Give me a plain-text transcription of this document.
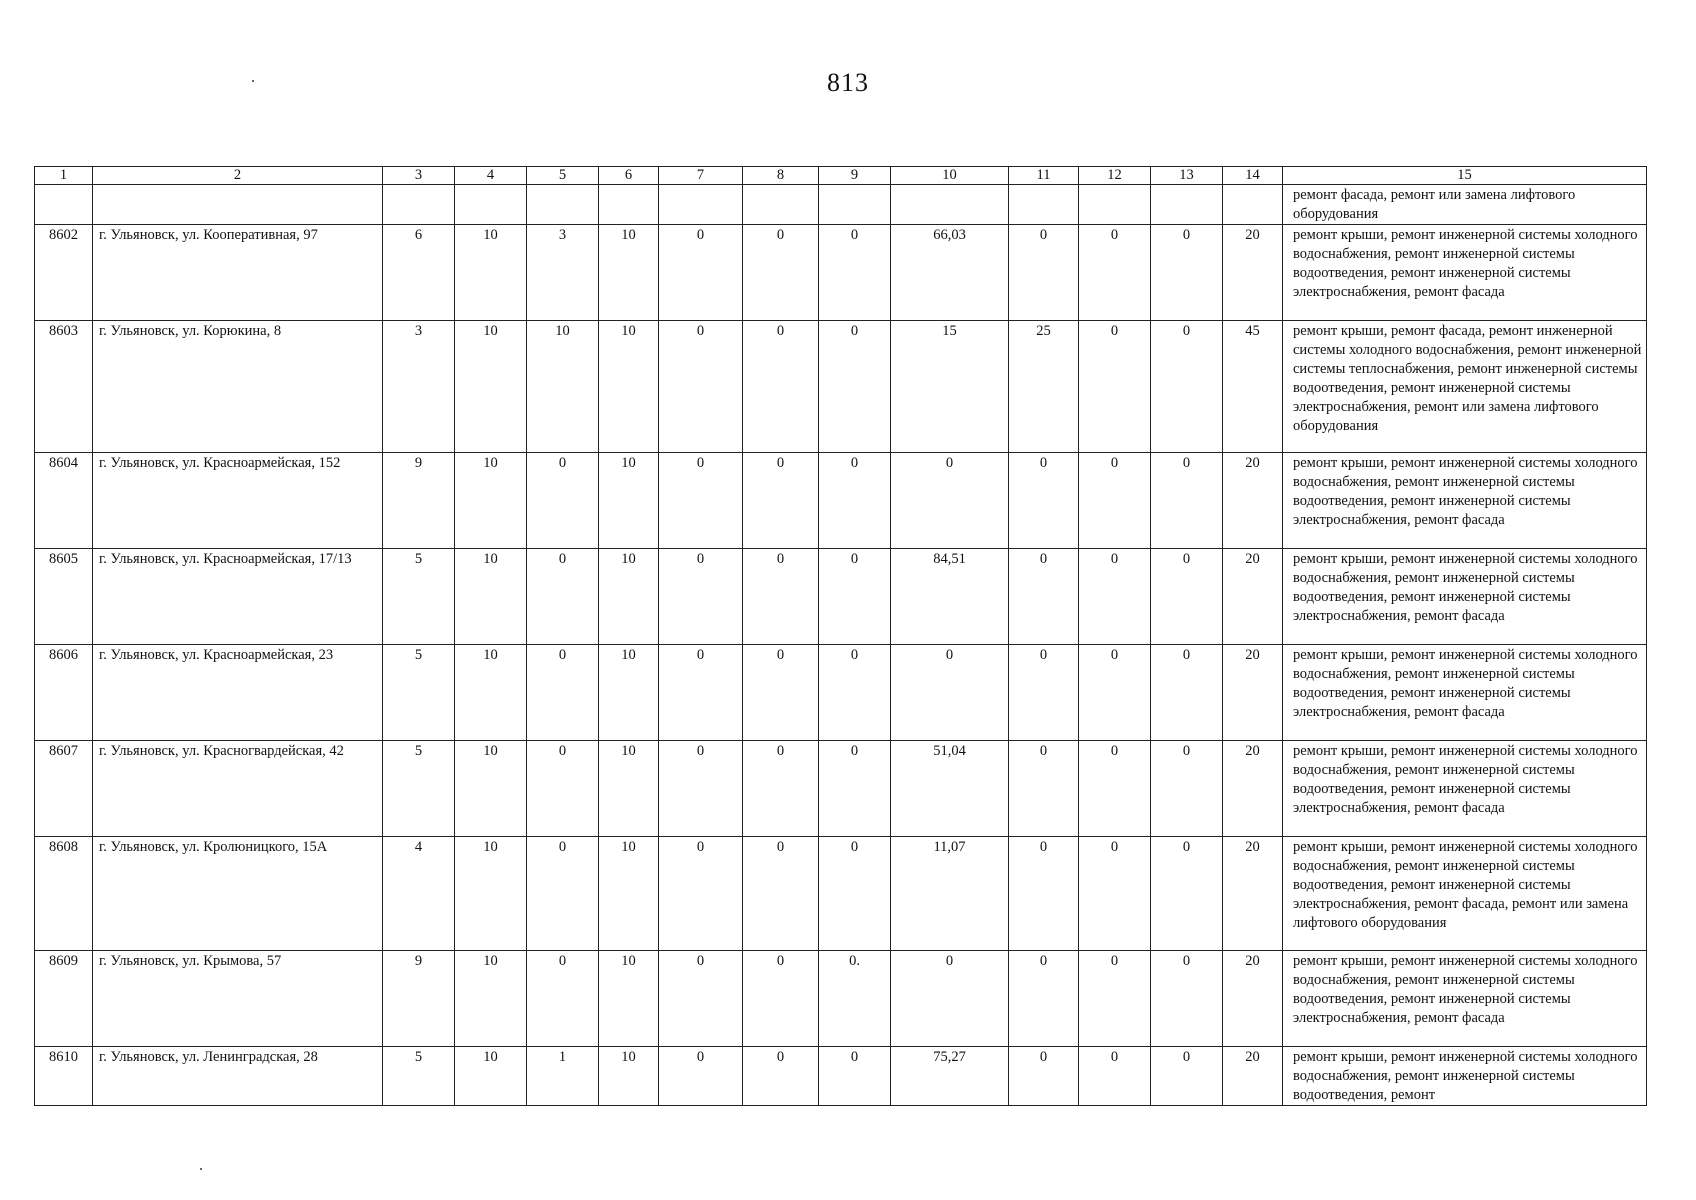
813
1	2	3	4	5	6	7	8	9	10	11	12	13	14	15
														ремонт фасада, ремонт или замена лифтового оборудования
8602	г. Ульяновск, ул. Кооперативная, 97	6	10	3	10	0	0	0	66,03	0	0	0	20	ремонт крыши, ремонт инженерной системы холодного водоснабжения, ремонт инженерной системы водоотведения, ремонт инженерной системы электроснабжения, ремонт фасада
8603	г. Ульяновск, ул. Корюкина, 8	3	10	10	10	0	0	0	15	25	0	0	45	ремонт крыши, ремонт фасада, ремонт инженерной системы холодного водоснабжения, ремонт инженерной системы теплоснабжения, ремонт инженерной системы водоотведения, ремонт инженерной системы электроснабжения, ремонт или замена лифтового оборудования
8604	г. Ульяновск, ул. Красноармейская, 152	9	10	0	10	0	0	0	0	0	0	0	20	ремонт крыши, ремонт инженерной системы холодного водоснабжения, ремонт инженерной системы водоотведения, ремонт инженерной системы электроснабжения, ремонт фасада
8605	г. Ульяновск, ул. Красноармейская, 17/13	5	10	0	10	0	0	0	84,51	0	0	0	20	ремонт крыши, ремонт инженерной системы холодного водоснабжения, ремонт инженерной системы водоотведения, ремонт инженерной системы электроснабжения, ремонт фасада
8606	г. Ульяновск, ул. Красноармейская, 23	5	10	0	10	0	0	0	0	0	0	0	20	ремонт крыши, ремонт инженерной системы холодного водоснабжения, ремонт инженерной системы водоотведения, ремонт инженерной системы электроснабжения, ремонт фасада
8607	г. Ульяновск, ул. Красногвардейская, 42	5	10	0	10	0	0	0	51,04	0	0	0	20	ремонт крыши, ремонт инженерной системы холодного водоснабжения, ремонт инженерной системы водоотведения, ремонт инженерной системы электроснабжения, ремонт фасада
8608	г. Ульяновск, ул. Кролюницкого, 15А	4	10	0	10	0	0	0	11,07	0	0	0	20	ремонт крыши, ремонт инженерной системы холодного водоснабжения, ремонт инженерной системы водоотведения, ремонт инженерной системы электроснабжения, ремонт фасада, ремонт или замена лифтового оборудования
8609	г. Ульяновск, ул. Крымова, 57	9	10	0	10	0	0	0.	0	0	0	0	20	ремонт крыши, ремонт инженерной системы холодного водоснабжения, ремонт инженерной системы водоотведения, ремонт инженерной системы электроснабжения, ремонт фасада
8610	г. Ульяновск, ул. Ленинградская, 28	5	10	1	10	0	0	0	75,27	0	0	0	20	ремонт крыши, ремонт инженерной системы холодного водоснабжения, ремонт инженерной системы водоотведения, ремонт
